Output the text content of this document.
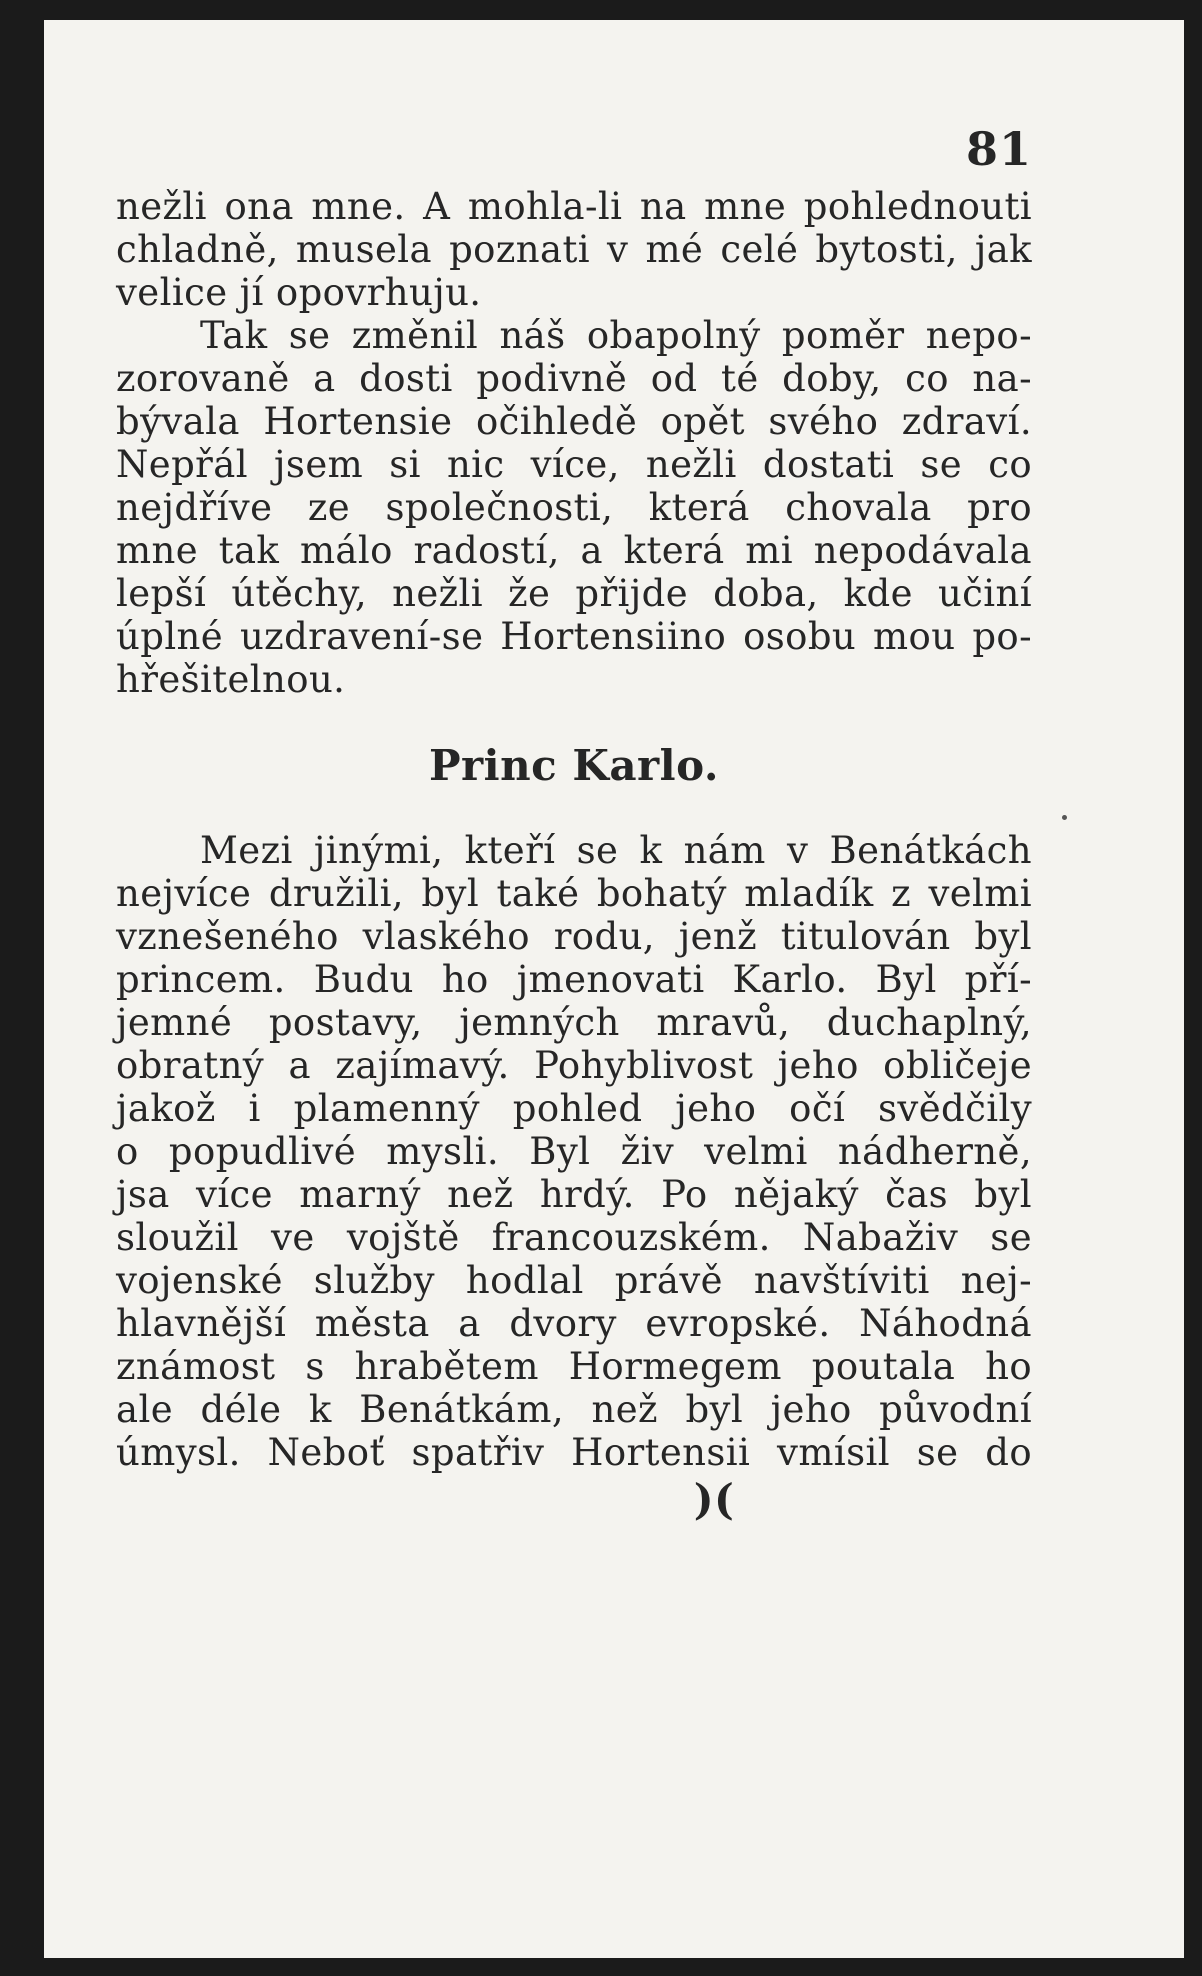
81
nežli ona mne. A mohla-li na mne pohlednouti
chladně, musela poznati v mé celé bytosti, jak
velice jí opovrhuju.
Tak se změnil náš obapolný poměr nepo-
zorovaně a dosti podivně od té doby, co na-
bývala Hortensie očihledě opět svého zdraví.
Nepřál jsem si nic více, nežli dostati se co
nejdříve ze společnosti, která chovala pro
mne tak málo radostí, a která mi nepodávala
lepší útěchy, nežli že přijde doba, kde učiní
úplné uzdravení-se Hortensiino osobu mou po-
hřešitelnou.
Princ Karlo.
Mezi jinými, kteří se k nám v Benátkách
nejvíce družili, byl také bohatý mladík z velmi
vznešeného vlaského rodu, jenž titulován byl
princem. Budu ho jmenovati Karlo. Byl pří-
jemné postavy, jemných mravů, duchaplný,
obratný a zajímavý. Pohyblivost jeho obličeje
jakož i plamenný pohled jeho očí svědčily
o popudlivé mysli. Byl živ velmi nádherně,
jsa více marný než hrdý. Po nějaký čas byl
sloužil ve vojště francouzském. Nabaživ se
vojenské služby hodlal právě navštíviti nej-
hlavnější města a dvory evropské. Náhodná
známost s hrabětem Hormegem poutala ho
ale déle k Benátkám, než byl jeho původní
úmysl. Neboť spatřiv Hortensii vmísil se do
)(
